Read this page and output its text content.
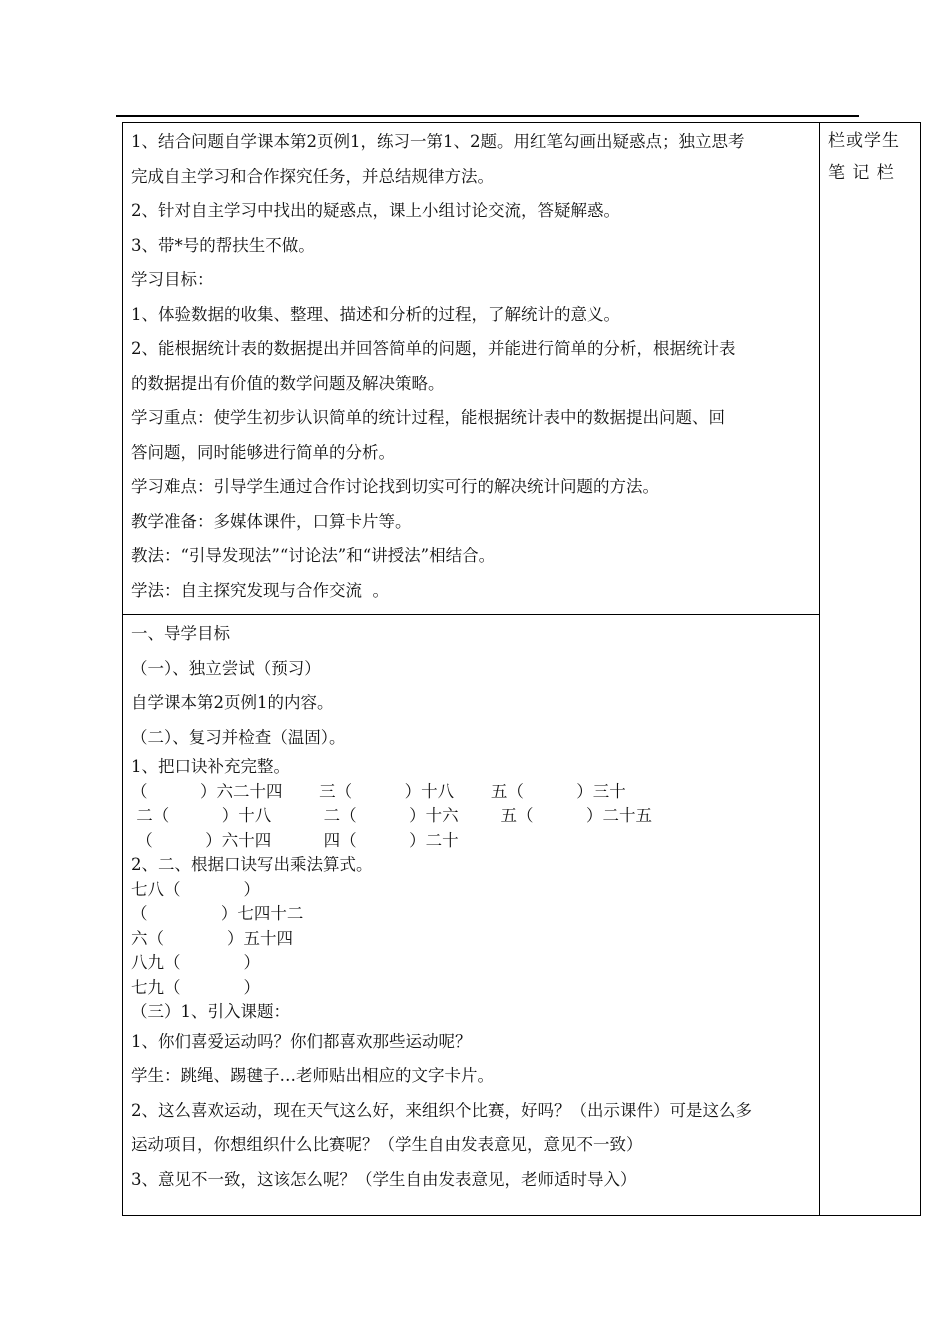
1、结合问题自学课本第2页例1，练习一第1、2题。用红笔勾画出疑惑点；独立思考
完成自主学习和合作探究任务，并总结规律方法。
2、针对自主学习中找出的疑惑点，课上小组讨论交流，答疑解惑。
3、带*号的帮扶生不做。
学习目标：
1、体验数据的收集、整理、描述和分析的过程，了解统计的意义。
2、能根据统计表的数据提出并回答简单的问题，并能进行简单的分析，根据统计表
的数据提出有价值的数学问题及解决策略。
学习重点：使学生初步认识简单的统计过程，能根据统计表中的数据提出问题、回
答问题，同时能够进行简单的分析。
学习难点：引导学生通过合作讨论找到切实可行的解决统计问题的方法。
教学准备：多媒体课件，口算卡片等。
教法：“引导发现法”“讨论法”和“讲授法”相结合。
学法：自主探究发现与合作交流  。

栏或学生
笔 记 栏

一、导学目标
（一）、独立尝试（预习）
自学课本第2页例1的内容。
（二）、复习并检查（温固）。
1、把口诀补充完整。
（          ）六二十四       三（          ）十八       五（          ）三十
二（          ）十八          二（          ）十六        五（          ）二十五
（          ）六十四          四（          ）二十
2、二、根据口诀写出乘法算式。
七八（            ）
（              ）七四十二
六（            ）五十四
八九（            ）
七九（            ）
（三）1、引入课题：
1、你们喜爱运动吗？你们都喜欢那些运动呢？
学生：跳绳、踢毽子…老师贴出相应的文字卡片。
2、这么喜欢运动，现在天气这么好，来组织个比赛，好吗？（出示课件）可是这么多
运动项目，你想组织什么比赛呢？（学生自由发表意见，意见不一致）
3、意见不一致，这该怎么呢？（学生自由发表意见，老师适时导入）
